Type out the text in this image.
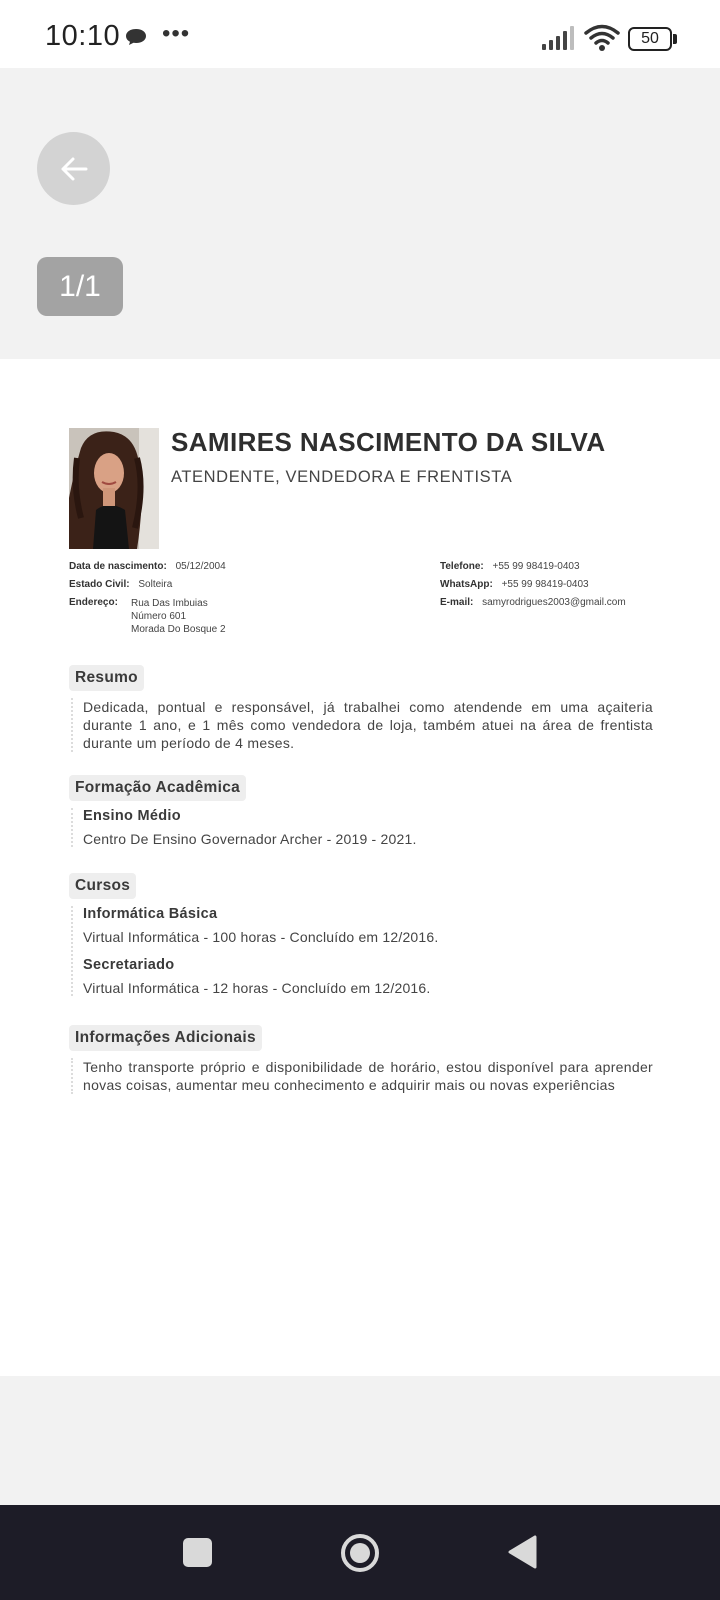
10:10 •••	50
1/1
SAMIRES NASCIMENTO DA SILVA
ATENDENTE, VENDEDORA E FRENTISTA
Data de nascimento: 05/12/2004
Estado Civil: Solteira
Endereço: Rua Das Imbuias
Número 601
Morada Do Bosque 2
Telefone: +55 99 98419-0403
WhatsApp: +55 99 98419-0403
E-mail: samyrodrigues2003@gmail.com
Resumo
Dedicada, pontual e responsável, já trabalhei como atendende em uma açaiteria durante 1 ano, e 1 mês como vendedora de loja, também atuei na área de frentista durante um período de 4 meses.
Formação Acadêmica
Ensino Médio
Centro De Ensino Governador Archer - 2019 - 2021.
Cursos
Informática Básica
Virtual Informática - 100 horas - Concluído em 12/2016.
Secretariado
Virtual Informática - 12 horas - Concluído em 12/2016.
Informações Adicionais
Tenho transporte próprio e disponibilidade de horário, estou disponível para aprender novas coisas, aumentar meu conhecimento e adquirir mais ou novas experiências
